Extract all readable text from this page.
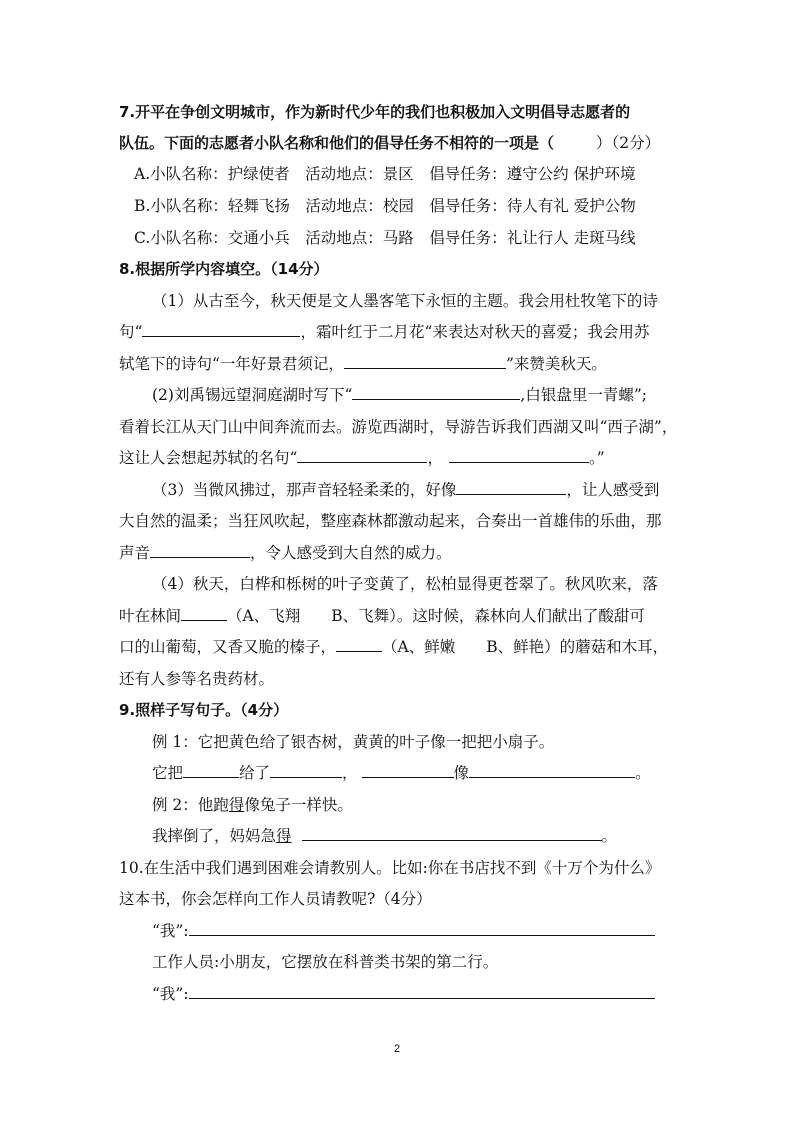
7.开平在争创文明城市，作为新时代少年的我们也积极加入文明倡导志愿者的
队伍。下面的志愿者小队名称和他们的倡导任务不相符的一项是（	）（2分）
A.小队名称：护绿使者　活动地点：景区　倡导任务：遵守公约 保护环境
B.小队名称：轻舞飞扬　活动地点：校园　倡导任务：待人有礼 爱护公物
C.小队名称：交通小兵　活动地点：马路　倡导任务：礼让行人 走斑马线
8.根据所学内容填空。（14分）
（1）从古至今，秋天便是文人墨客笔下永恒的主题。我会用杜牧笔下的诗
句“	，霜叶红于二月花“来表达对秋天的喜爱；我会用苏
轼笔下的诗句“一年好景君须记，	”来赞美秋天。
(2)刘禹锡远望洞庭湖时写下“	,白银盘里一青螺”;
看着长江从天门山中间奔流而去。游览西湖时，导游告诉我们西湖又叫“西子湖”，
这让人会想起苏轼的名句“	，	。”
（3）当微风拂过，那声音轻轻柔柔的，好像	，让人感受到
大自然的温柔；当狂风吹起，整座森林都激动起来，合奏出一首雄伟的乐曲，那
声音	，令人感受到大自然的威力。
（4）秋天，白桦和栎树的叶子变黄了，松柏显得更苍翠了。秋风吹来，落
叶在林间	（A、飞翔　　B、飞舞）。这时候，森林向人们献出了酸甜可
口的山葡萄，又香又脆的榛子，	（A、鲜嫩　　B、鲜艳）的蘑菇和木耳，
还有人参等名贵药材。
9.照样子写句子。（4分）
例 1：它把黄色给了银杏树，黄黄的叶子像一把把小扇子。
它把	给了	，	像	。
例 2：他跑得像兔子一样快。
我摔倒了，妈妈急得	。
10.在生活中我们遇到困难会请教别人。比如:你在书店找不到《十万个为什么》
这本书，你会怎样向工作人员请教呢?（4分）
“我”:
工作人员:小朋友，它摆放在科普类书架的第二行。
“我”:
2
